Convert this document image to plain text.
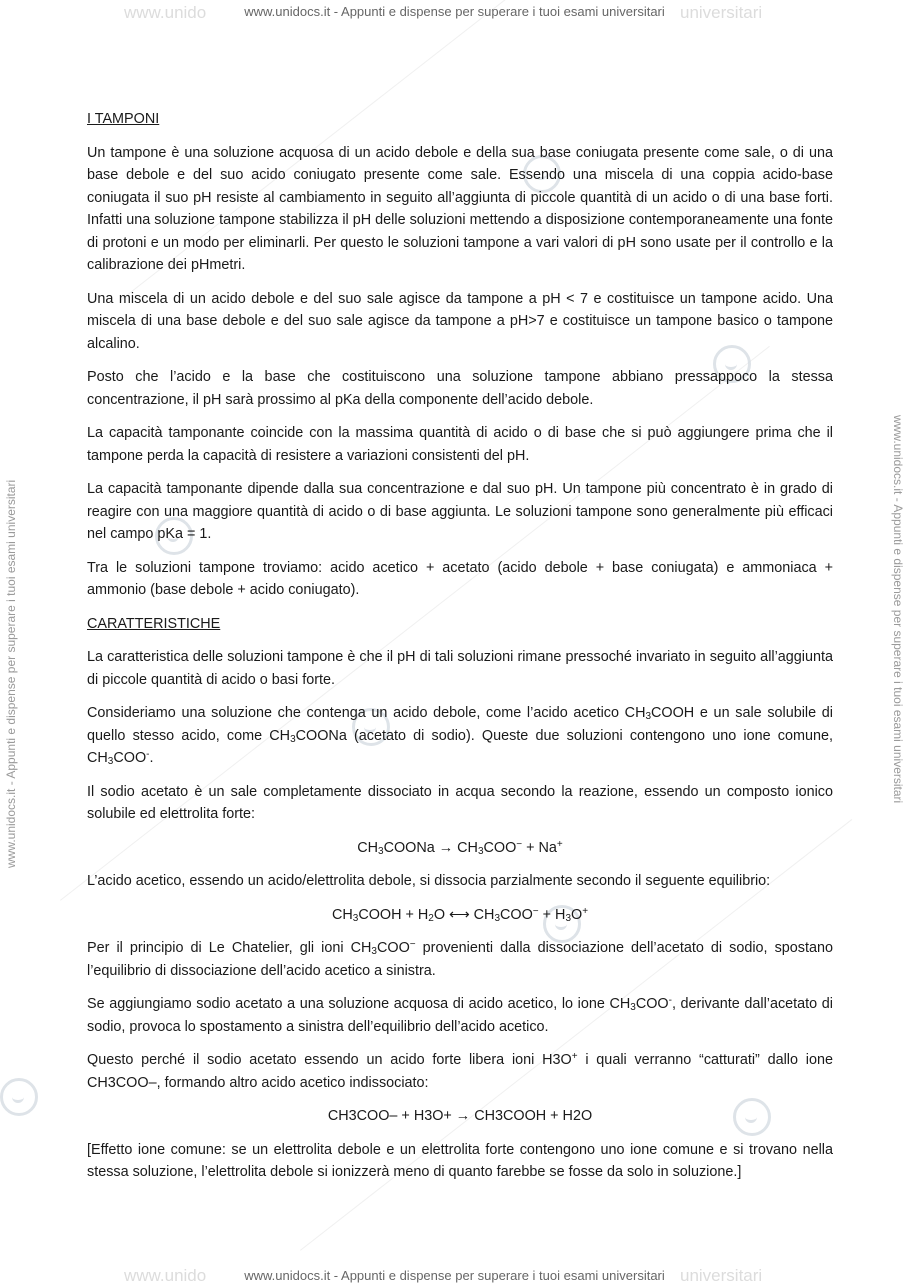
www.unido	universitari
www.unido	universitari
www.unidocs.it - Appunti e dispense per superare i tuoi esami universitari
www.unidocs.it - Appunti e dispense per superare i tuoi esami universitari
www.unidocs.it - Appunti e dispense per superare i tuoi esami universitari	www.unidocs.it - Appunti e dispense per superare i tuoi esami universitari
I TAMPONI

Un tampone è una soluzione acquosa di un acido debole e della sua base coniugata presente come sale, o di una base debole e del suo acido coniugato presente come sale. Essendo una miscela di una coppia acido-base coniugata il suo pH resiste al cambiamento in seguito all’aggiunta di piccole quantità di un acido o di una base forti. Infatti una soluzione tampone stabilizza il pH delle soluzioni mettendo a disposizione contemporaneamente una fonte di protoni e un modo per eliminarli. Per questo le soluzioni tampone a vari valori di pH sono usate per il controllo e la calibrazione dei pHmetri.

Una miscela di un acido debole e del suo sale agisce da tampone a pH < 7 e costituisce un tampone acido. Una miscela di una base debole e del suo sale agisce da tampone a pH>7 e costituisce un tampone basico o tampone alcalino.

Posto che l’acido e la base che costituiscono una soluzione tampone abbiano pressappoco la stessa concentrazione, il pH sarà prossimo al pKa della componente dell’acido debole.

La capacità tamponante coincide con la massima quantità di acido o di base che si può aggiungere prima che il tampone perda la capacità di resistere a variazioni consistenti del pH.

La capacità tamponante dipende dalla sua concentrazione e dal suo pH. Un tampone più concentrato è in grado di reagire con una maggiore quantità di acido o di base aggiunta. Le soluzioni tampone sono generalmente più efficaci nel campo pKa = 1.

Tra le soluzioni tampone troviamo: acido acetico + acetato (acido debole + base coniugata) e ammoniaca + ammonio (base debole + acido coniugato).

CARATTERISTICHE

La caratteristica delle soluzioni tampone è che il pH di tali soluzioni rimane pressoché invariato in seguito all’aggiunta di piccole quantità di acido o basi forte.

Consideriamo una soluzione che contenga un acido debole, come l’acido acetico $CH_3COOH$ e un sale solubile di quello stesso acido, come $CH_3COONa$ (acetato di sodio). Queste due soluzioni contengono uno ione comune, $CH_3COO^-$.

Il sodio acetato è un sale completamente dissociato in acqua secondo la reazione, essendo un composto ionico solubile ed elettrolita forte:

$CH_3COONa \to CH_3COO^- + Na^+$

L’acido acetico, essendo un acido/elettrolita debole, si dissocia parzialmente secondo il seguente equilibrio:

$CH_3COOH + H_2O$ ⟷ $CH_3COO^- + H_3O^+$

Per il principio di Le Chatelier, gli ioni $CH_3COO^-$ provenienti dalla dissociazione dell’acetato di sodio, spostano l’equilibrio di dissociazione dell’acido acetico a sinistra.

Se aggiungiamo sodio acetato a una soluzione acquosa di acido acetico, lo ione $CH_3COO^-$, derivante dall’acetato di sodio, provoca lo spostamento a sinistra dell’equilibrio dell’acido acetico.

Questo perché il sodio acetato essendo un acido forte libera ioni H3O+ i quali verranno “catturati” dallo ione CH3COO–, formando altro acido acetico indissociato:

CH3COO– + H3O+ → CH3COOH + H2O

[Effetto ione comune: se un elettrolita debole e un elettrolita forte contengono uno ione comune e si trovano nella stessa soluzione, l’elettrolita debole si ionizzerà meno di quanto farebbe se fosse da solo in soluzione.]
